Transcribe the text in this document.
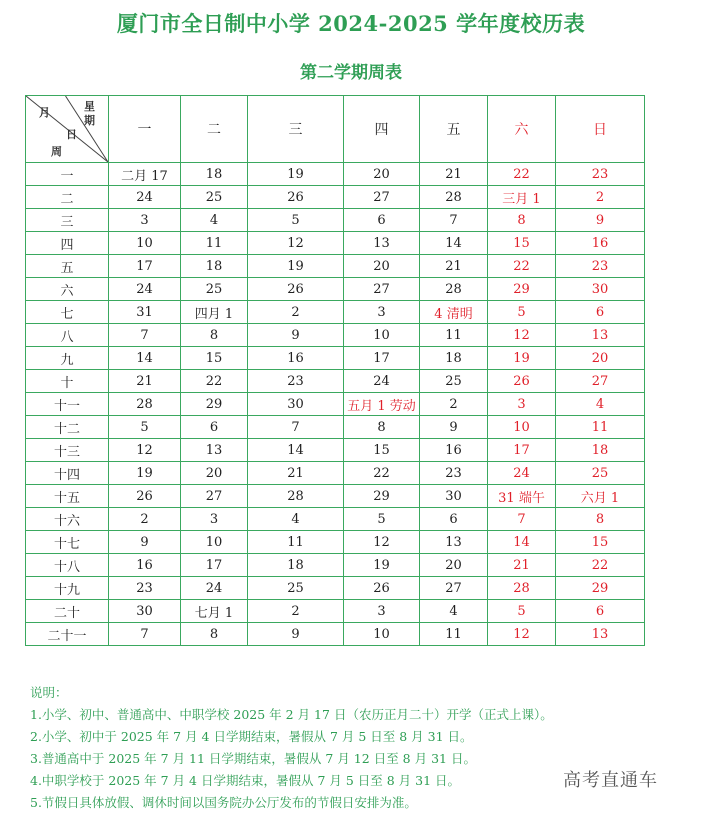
厦门市全日制中小学 2024-2025 学年度校历表
第二学期周表
星
期
月
日
周	一	二	三	四	五	六	日
一	二月 17	18	19	20	21	22	23
二	24	25	26	27	28	三月 1	2
三	3	4	5	6	7	8	9
四	10	11	12	13	14	15	16
五	17	18	19	20	21	22	23
六	24	25	26	27	28	29	30
七	31	四月 1	2	3	4 清明	5	6
八	7	8	9	10	11	12	13
九	14	15	16	17	18	19	20
十	21	22	23	24	25	26	27
十一	28	29	30	五月 1 劳动	2	3	4
十二	5	6	7	8	9	10	11
十三	12	13	14	15	16	17	18
十四	19	20	21	22	23	24	25
十五	26	27	28	29	30	31 端午	六月 1
十六	2	3	4	5	6	7	8
十七	9	10	11	12	13	14	15
十八	16	17	18	19	20	21	22
十九	23	24	25	26	27	28	29
二十	30	七月 1	2	3	4	5	6
二十一	7	8	9	10	11	12	13
说明：
1.小学、初中、普通高中、中职学校 2025 年 2 月 17 日（农历正月二十）开学（正式上课）。
2.小学、初中于 2025 年 7 月 4 日学期结束，暑假从 7 月 5 日至 8 月 31 日。
3.普通高中于 2025 年 7 月 11 日学期结束，暑假从 7 月 12 日至 8 月 31 日。
4.中职学校于 2025 年 7 月 4 日学期结束，暑假从 7 月 5 日至 8 月 31 日。
5.节假日具体放假、调休时间以国务院办公厅发布的节假日安排为准。
高考直通车
